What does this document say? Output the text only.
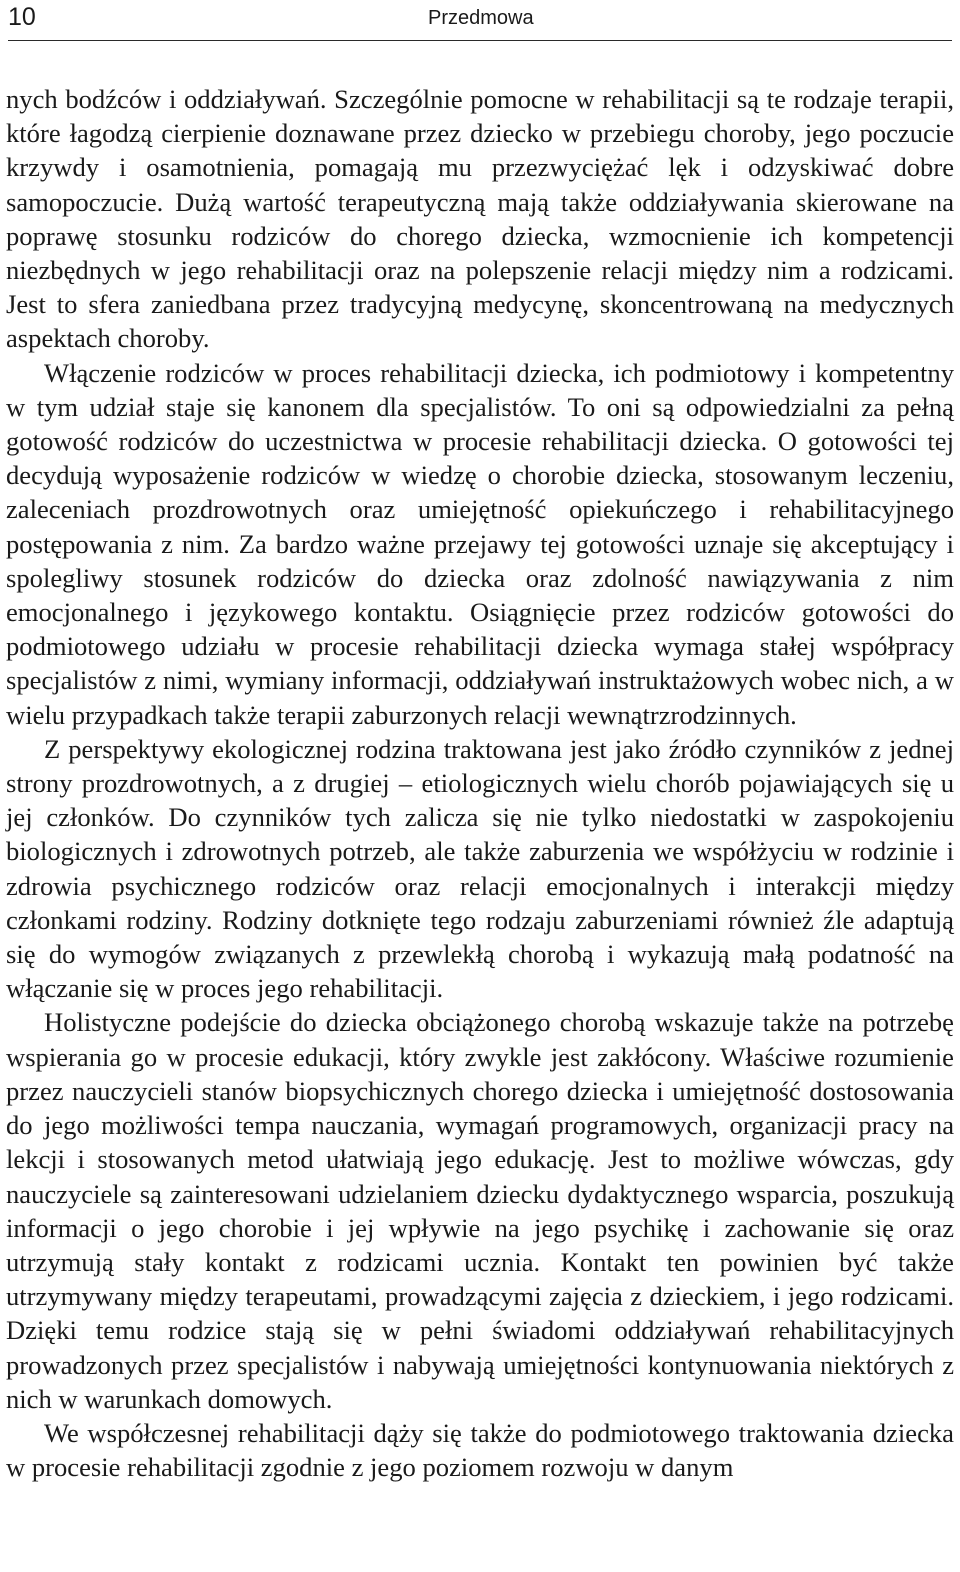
10	Przedmowa

nych bodźców i oddziaływań. Szczególnie pomocne w rehabilitacji są te rodzaje terapii, które łagodzą cierpienie doznawane przez dziecko w przebiegu choroby, jego poczucie krzywdy i osamotnienia, pomagają mu przezwyciężać lęk i odzyskiwać dobre samopoczucie. Dużą wartość terapeutyczną mają także oddziaływania skierowane na poprawę stosunku rodziców do chorego dziecka, wzmocnienie ich kompetencji niezbędnych w jego rehabilitacji oraz na polepszenie relacji między nim a rodzicami. Jest to sfera zaniedbana przez tradycyjną medycynę, skoncentrowaną na medycznych aspektach choroby.

Włączenie rodziców w proces rehabilitacji dziecka, ich podmiotowy i kompetentny w tym udział staje się kanonem dla specjalistów. To oni są odpowiedzialni za pełną gotowość rodziców do uczestnictwa w procesie rehabilitacji dziecka. O gotowości tej decydują wyposażenie rodziców w wiedzę o chorobie dziecka, stosowanym leczeniu, zaleceniach prozdrowotnych oraz umiejętność opiekuńczego i rehabilitacyjnego postępowania z nim. Za bardzo ważne przejawy tej gotowości uznaje się akceptujący i spolegliwy stosunek rodziców do dziecka oraz zdolność nawiązywania z nim emocjonalnego i językowego kontaktu. Osiągnięcie przez rodziców gotowości do podmiotowego udziału w procesie rehabilitacji dziecka wymaga stałej współpracy specjalistów z nimi, wymiany informacji, oddziaływań instruktażowych wobec nich, a w wielu przypadkach także terapii zaburzonych relacji wewnątrzrodzinnych.

Z perspektywy ekologicznej rodzina traktowana jest jako źródło czynników z jednej strony prozdrowotnych, a z drugiej – etiologicznych wielu chorób pojawiających się u jej członków. Do czynników tych zalicza się nie tylko niedostatki w zaspokojeniu biologicznych i zdrowotnych potrzeb, ale także zaburzenia we współżyciu w rodzinie i zdrowia psychicznego rodziców oraz relacji emocjonalnych i interakcji między członkami rodziny. Rodziny dotknięte tego rodzaju zaburzeniami również źle adaptują się do wymogów związanych z przewlekłą chorobą i wykazują małą podatność na włączanie się w proces jego rehabilitacji.

Holistyczne podejście do dziecka obciążonego chorobą wskazuje także na potrzebę wspierania go w procesie edukacji, który zwykle jest zakłócony. Właściwe rozumienie przez nauczycieli stanów biopsychicznych chorego dziecka i umiejętność dostosowania do jego możliwości tempa nauczania, wymagań programowych, organizacji pracy na lekcji i stosowanych metod ułatwiają jego edukację. Jest to możliwe wówczas, gdy nauczyciele są zainteresowani udzielaniem dziecku dydaktycznego wsparcia, poszukują informacji o jego chorobie i jej wpływie na jego psychikę i zachowanie się oraz utrzymują stały kontakt z rodzicami ucznia. Kontakt ten powinien być także utrzymywany między terapeutami, prowadzącymi zajęcia z dzieckiem, i jego rodzicami. Dzięki temu rodzice stają się w pełni świadomi oddziaływań rehabilitacyjnych prowadzonych przez specjalistów i nabywają umiejętności kontynuowania niektórych z nich w warunkach domowych.

We współczesnej rehabilitacji dąży się także do podmiotowego traktowania dziecka w procesie rehabilitacji zgodnie z jego poziomem rozwoju w danym
